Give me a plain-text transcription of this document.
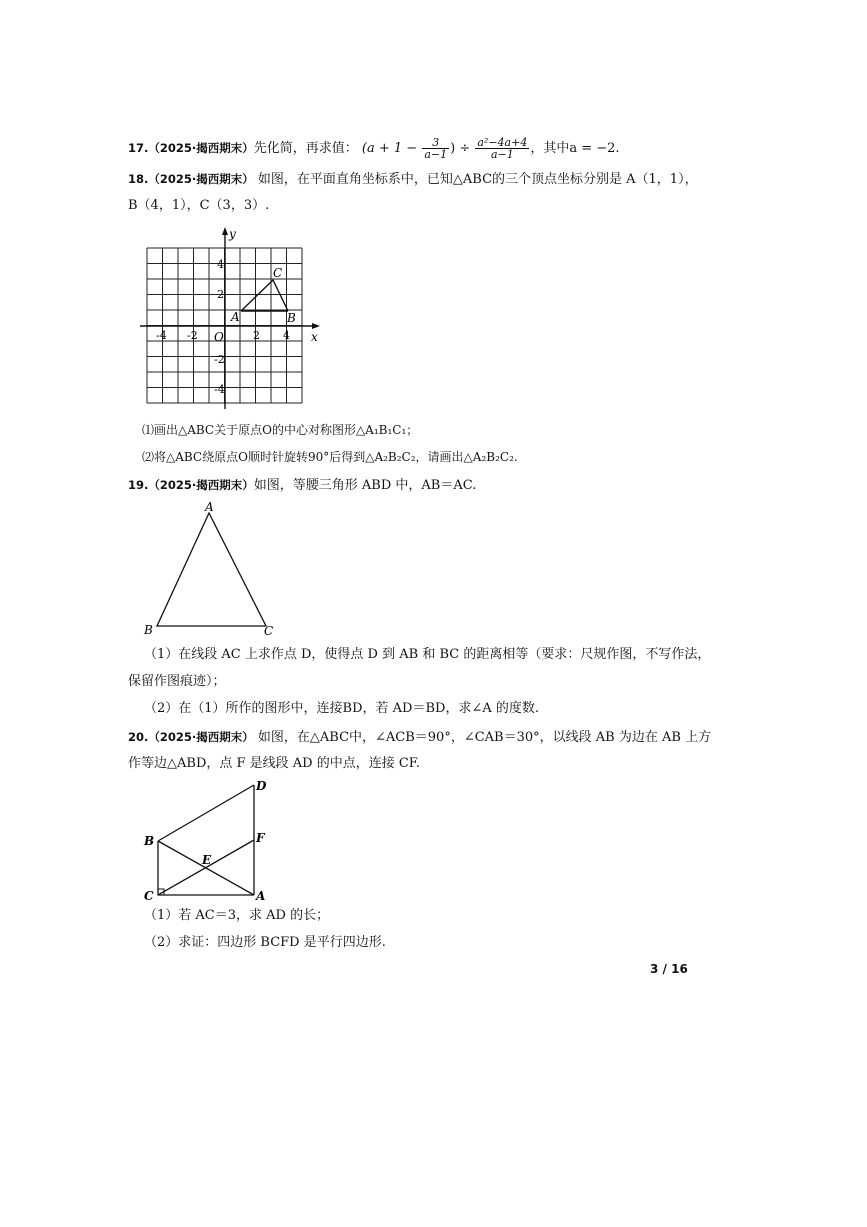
17.（2025·揭西期末）先化简，再求值： ($a + 1 - \frac{3}{a-1}$ ) ÷ $\frac{\text{a²−4a+4}}{a-1}$ ，其中a = −2.
18.（2025·揭西期末） 如图，在平面直角坐标系中，已知△ABC的三个顶点坐标分别是 A（1，1），
B（4，1），C（3，3）.
y
x
O
-4 -2	2 4
4
2
-2
-4
A	B
C
⑴画出△ABC关于原点O的中心对称图形△A₁B₁C₁；
⑵将△ABC绕原点O顺时针旋转90°后得到△A₂B₂C₂，请画出△A₂B₂C₂.
19.（2025·揭西期末）如图，等腰三角形 ABD 中，AB＝AC.
A
B	C
（1）在线段 AC 上求作点 D，使得点 D 到 AB 和 BC 的距离相等（要求：尺规作图，不写作法，
保留作图痕迹）；
（2）在（1）所作的图形中，连接BD，若 AD＝BD，求∠A 的度数.
20.（2025·揭西期末） 如图，在△ABC中，∠ACB＝90°，∠CAB＝30°，以线段 AB 为边在 AB 上方
作等边△ABD，点 F 是线段 AD 的中点，连接 CF.
D
B	F
E
C	A
（1）若 AC＝3，求 AD 的长；
（2）求证：四边形 BCFD 是平行四边形.
3 / 16
